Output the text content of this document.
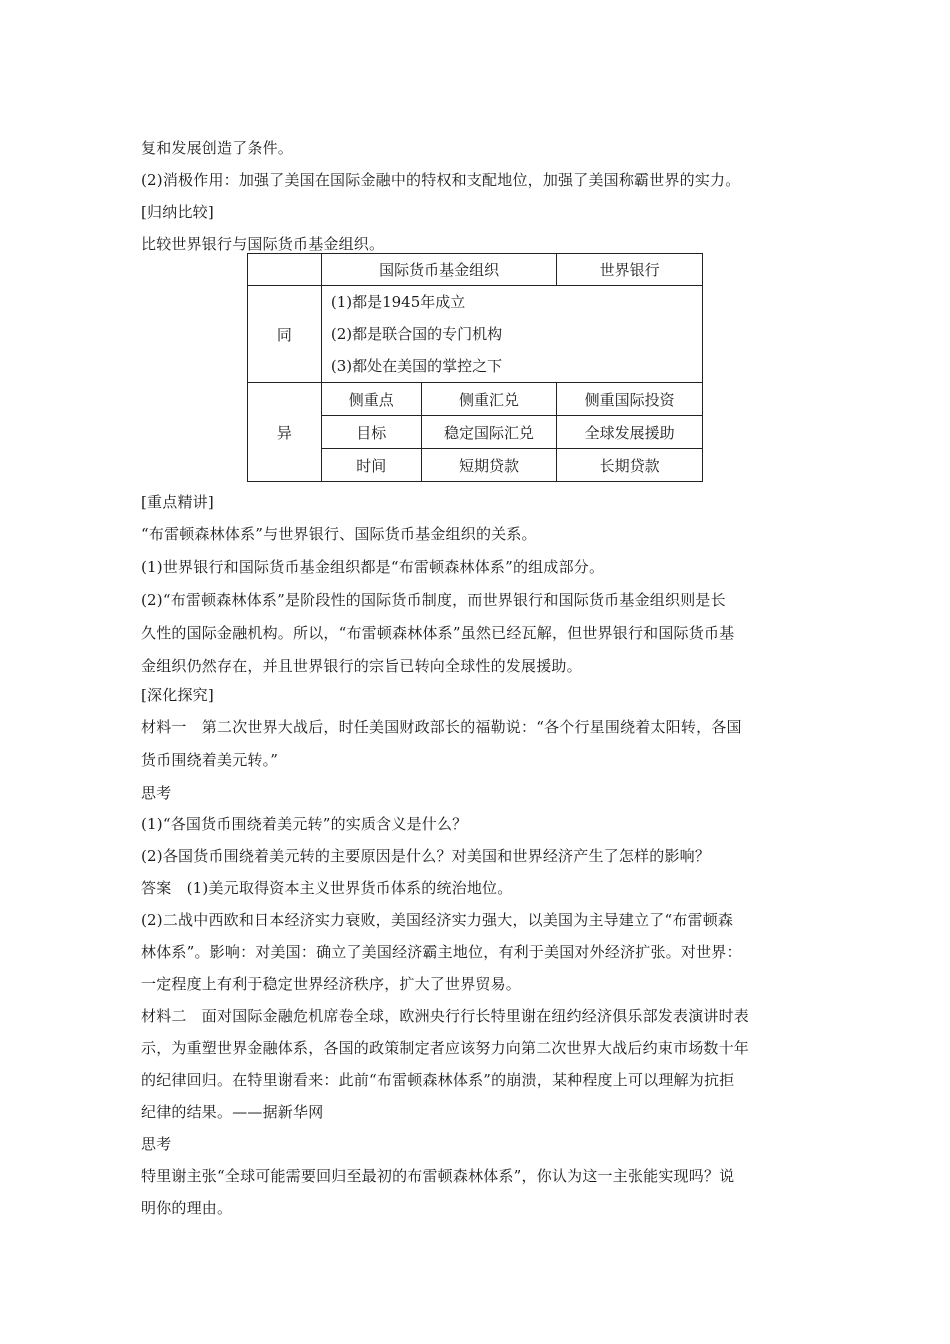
复和发展创造了条件。
(2)消极作用：加强了美国在国际金融中的特权和支配地位，加强了美国称霸世界的实力。
[归纳比较]
比较世界银行与国际货币基金组织。
	国际货币基金组织		世界银行
同	(1)都是1945年成立
(2)都是联合国的专门机构
(3)都处在美国的掌控之下		

异	侧重点	侧重汇兑	侧重国际投资
	目标	稳定国际汇兑	全球发展援助
	时间	短期贷款	长期贷款
[重点精讲]
“布雷顿森林体系”与世界银行、国际货币基金组织的关系。
(1)世界银行和国际货币基金组织都是“布雷顿森林体系”的组成部分。
(2)“布雷顿森林体系”是阶段性的国际货币制度，而世界银行和国际货币基金组织则是长
久性的国际金融机构。所以，“布雷顿森林体系”虽然已经瓦解，但世界银行和国际货币基
金组织仍然存在，并且世界银行的宗旨已转向全球性的发展援助。
[深化探究]
材料一　第二次世界大战后，时任美国财政部长的福勒说：“各个行星围绕着太阳转，各国
货币围绕着美元转。”
思考
(1)“各国货币围绕着美元转”的实质含义是什么？
(2)各国货币围绕着美元转的主要原因是什么？对美国和世界经济产生了怎样的影响？
答案　(1)美元取得资本主义世界货币体系的统治地位。
(2)二战中西欧和日本经济实力衰败，美国经济实力强大，以美国为主导建立了“布雷顿森
林体系”。影响：对美国：确立了美国经济霸主地位，有利于美国对外经济扩张。对世界：
一定程度上有利于稳定世界经济秩序，扩大了世界贸易。
材料二　面对国际金融危机席卷全球，欧洲央行行长特里谢在纽约经济俱乐部发表演讲时表
示，为重塑世界金融体系，各国的政策制定者应该努力向第二次世界大战后约束市场数十年
的纪律回归。在特里谢看来：此前“布雷顿森林体系”的崩溃，某种程度上可以理解为抗拒
纪律的结果。——据新华网
思考
特里谢主张“全球可能需要回归至最初的布雷顿森林体系”，你认为这一主张能实现吗？说
明你的理由。
